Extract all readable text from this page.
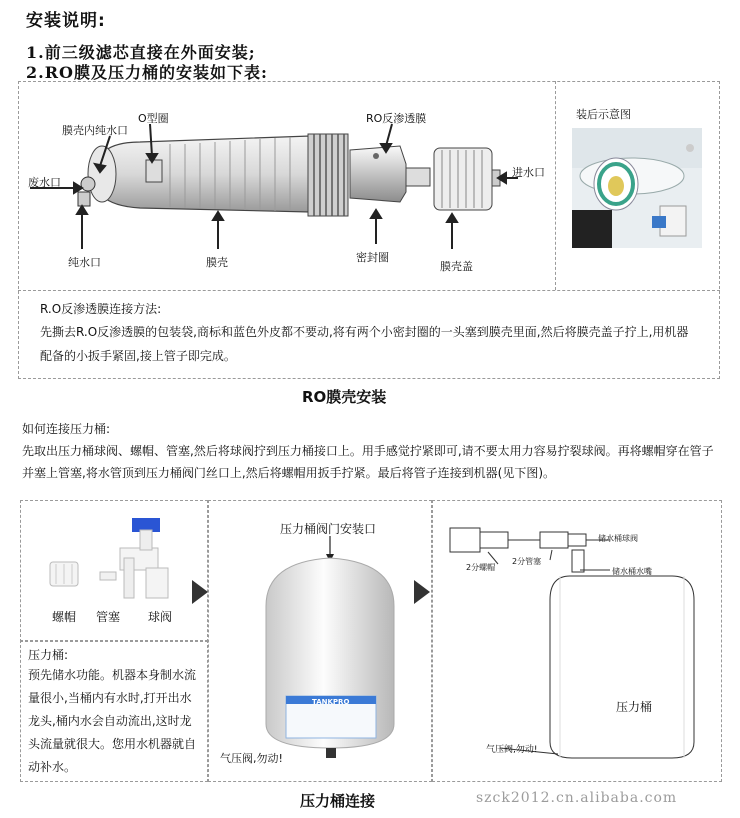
安装说明:
1.前三级滤芯直接在外面安装;
2.RO膜及压力桶的安装如下表:
膜壳内纯水口
O型圈	RO反渗透膜
废水口
纯水口	膜壳	密封圈
膜壳盖
进水口
装后示意图
R.O反渗透膜连接方法:
先撕去R.O反渗透膜的包装袋,商标和蓝色外皮都不要动,将有两个小密封圈的一头塞到膜壳里面,然后将膜壳盖子拧上,用机器配备的小扳手紧固,接上管子即完成。
RO膜壳安装
如何连接压力桶:
先取出压力桶球阀、螺帽、管塞,然后将球阀拧到压力桶接口上。用手感觉拧紧即可,请不要太用力容易拧裂球阀。再将螺帽穿在管子并塞上管塞,将水管顶到压力桶阀门丝口上,然后将螺帽用扳手拧紧。最后将管子连接到机器(见下图)。
螺帽 管塞 球阀
压力桶:
预先储水功能。机器本身制水流量很小,当桶内有水时,打开出水龙头,桶内水会自动流出,这时龙头流量就很大。您用水机器就自动补水。
压力桶阀门安装口
TANKPRO
气压阀,勿动!
储水桶球阀
储水桶水嘴
2分螺帽
2分管塞
压力桶
气压阀,勿动!
压力桶连接	szck2012.cn.alibaba.com
